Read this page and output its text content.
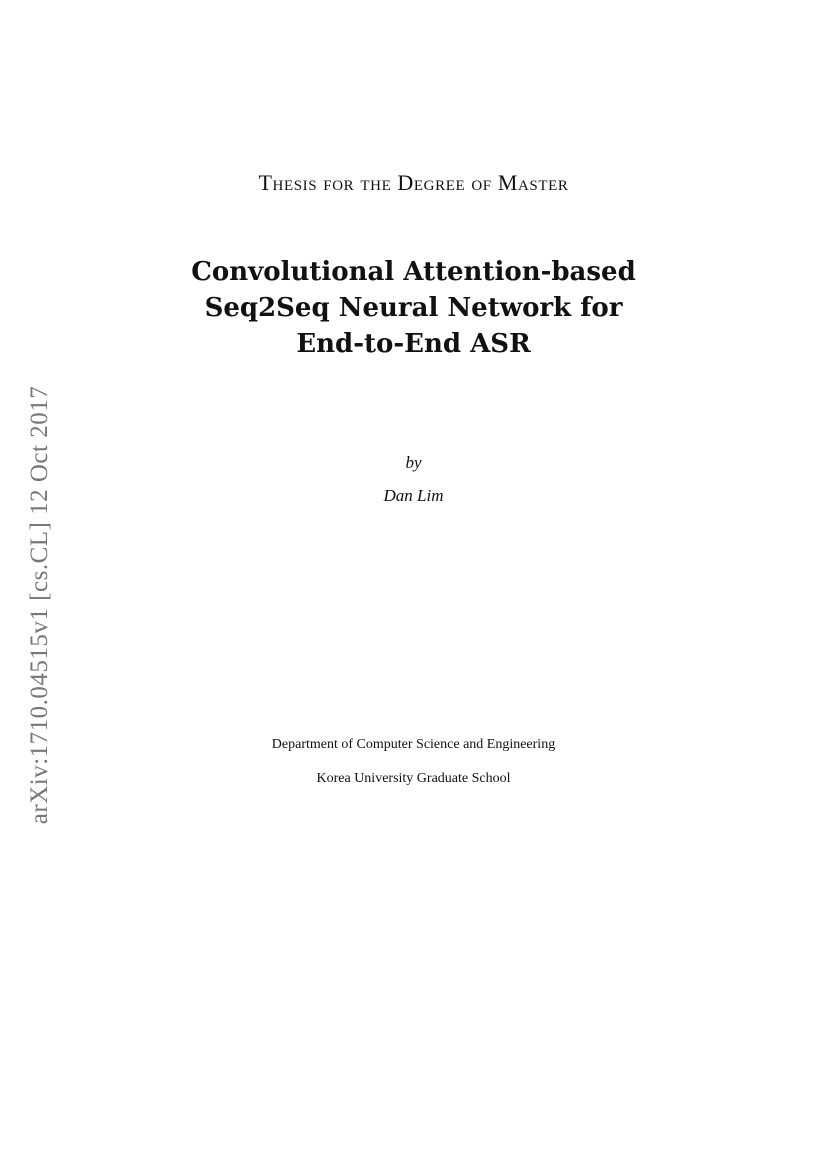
arXiv:1710.04515v1 [cs.CL] 12 Oct 2017
Thesis for the Degree of Master
Convolutional Attention-based
Seq2Seq Neural Network for
End-to-End ASR
by
Dan Lim
Department of Computer Science and Engineering
Korea University Graduate School
